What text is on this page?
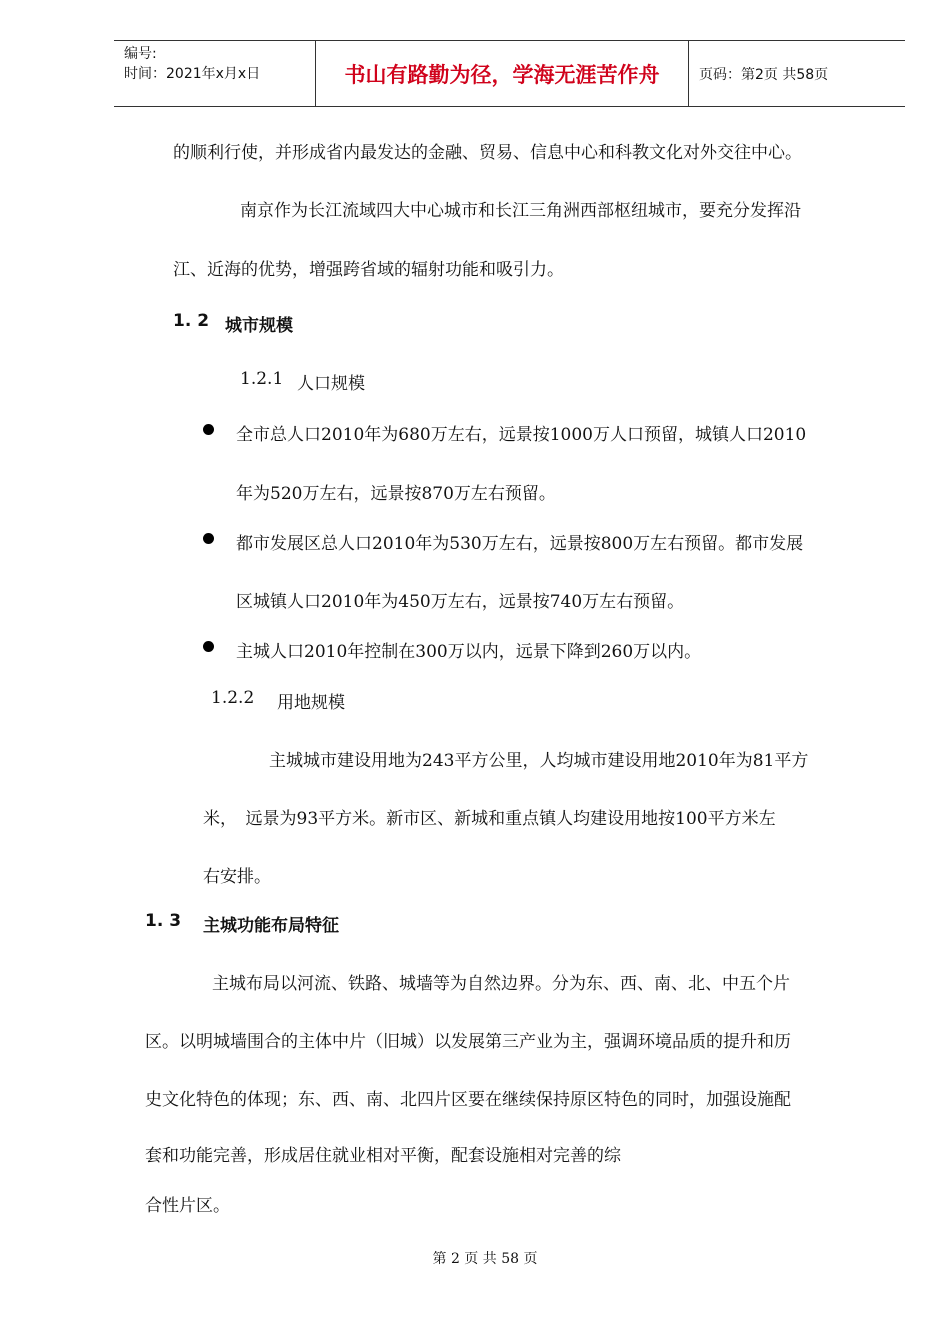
编号:
时间：2021年x月x日	书山有路勤为径，学海无涯苦作舟	页码：第2页 共58页
的顺利行使，并形成省内最发达的金融、贸易、信息中心和科教文化对外交往中心。
南京作为长江流域四大中心城市和长江三角洲西部枢纽城市，要充分发挥沿
江、近海的优势，增强跨省域的辐射功能和吸引力。
1. 2 城市规模
1.2.1 人口规模
全市总人口2010年为680万左右，远景按1000万人口预留，城镇人口2010
年为520万左右，远景按870万左右预留。
都市发展区总人口2010年为530万左右，远景按800万左右预留。都市发展
区城镇人口2010年为450万左右，远景按740万左右预留。
主城人口2010年控制在300万以内，远景下降到260万以内。
1.2.2 用地规模
主城城市建设用地为243平方公里，人均城市建设用地2010年为81平方
米，　远景为93平方米。新市区、新城和重点镇人均建设用地按100平方米左
右安排。
1. 3 主城功能布局特征
主城布局以河流、铁路、城墙等为自然边界。分为东、西、南、北、中五个片
区。以明城墙围合的主体中片（旧城）以发展第三产业为主，强调环境品质的提升和历
史文化特色的体现；东、西、南、北四片区要在继续保持原区特色的同时，加强设施配
套和功能完善，形成居住就业相对平衡，配套设施相对完善的综
合性片区。
第 2 页 共 58 页
